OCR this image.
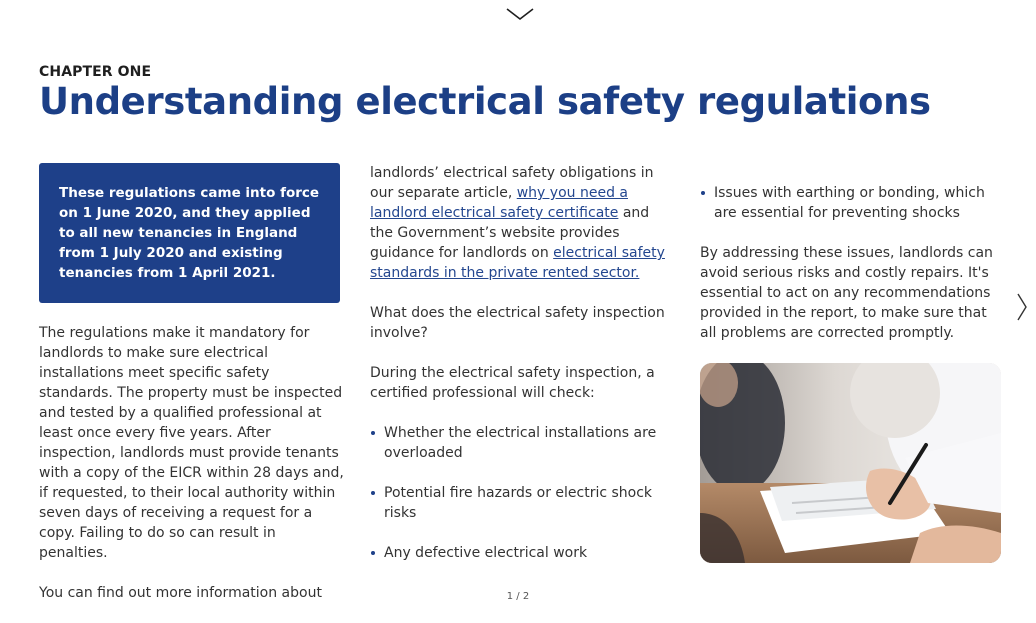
CHAPTER ONE
Understanding electrical safety regulations
These regulations came into force on 1 June 2020, and they applied to all new tenancies in England from 1 July 2020 and existing tenancies from 1 April 2021.

The regulations make it mandatory for landlords to make sure electrical installations meet specific safety standards. The property must be inspected and tested by a qualified professional at least once every five years. After inspection, landlords must provide tenants with a copy of the EICR within 28 days and, if requested, to their local authority within seven days of receiving a request for a copy. Failing to do so can result in penalties.

You can find out more information about

landlords’ electrical safety obligations in our separate article, why you need a landlord electrical safety certificate and the Government’s website provides guidance for landlords on electrical safety standards in the private rented sector.

What does the electrical safety inspection involve?

During the electrical safety inspection, a certified professional will check:

Whether the electrical installations are overloaded
Potential fire hazards or electric shock risks
Any defective electrical work
Issues with earthing or bonding, which are essential for preventing shocks

By addressing these issues, landlords can avoid serious risks and costly repairs. It's essential to act on any recommendations provided in the report, to make sure that all problems are corrected promptly.

1 / 2
